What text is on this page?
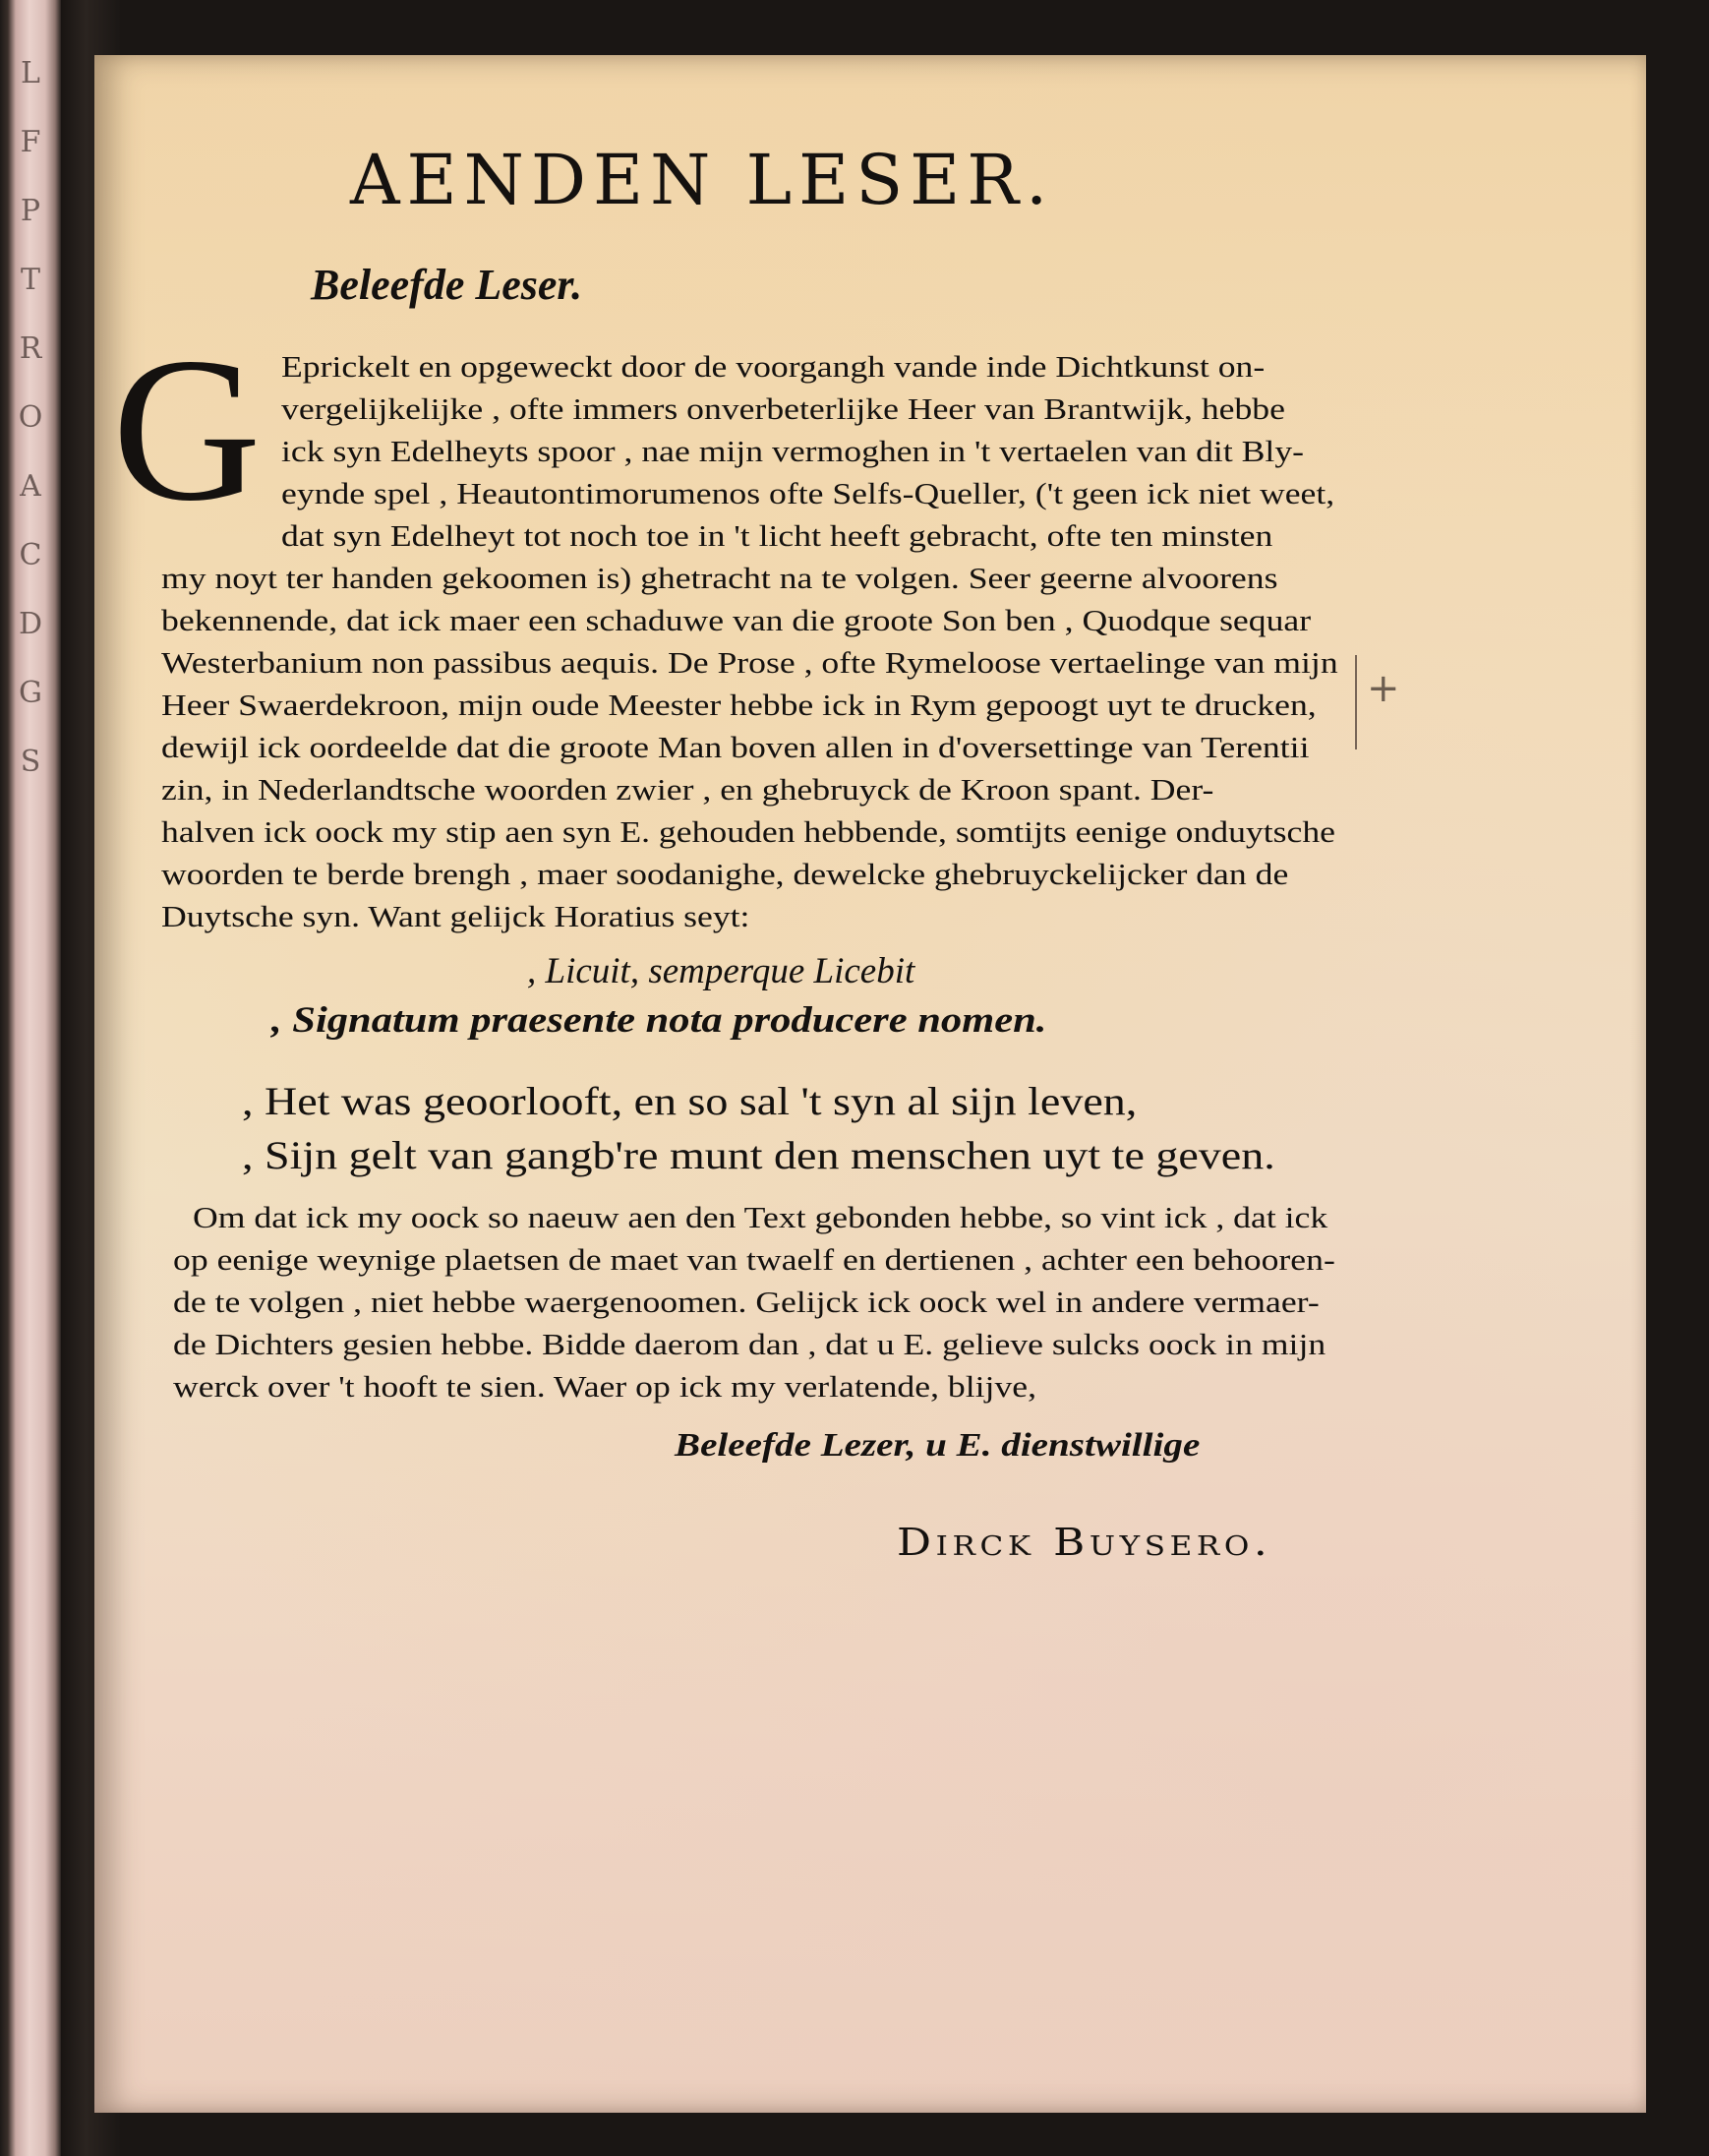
L F P T R O A C D G S
AENDEN LESER.

Beleefde Leser.

G Eprickelt en opgeweckt door de voorgangh vande inde Dichtkunst on-

vergelijkelijke , ofte immers onverbeterlijke Heer van Brantwijk, hebbe

ick syn Edelheyts spoor , nae mijn vermoghen in 't vertaelen van dit Bly-

eynde spel , Heautontimorumenos ofte Selfs-Queller, ('t geen ick niet weet,

dat syn Edelheyt tot noch toe in 't licht heeft gebracht, ofte ten minsten

my noyt ter handen gekoomen is) ghetracht na te volgen. Seer geerne alvoorens

bekennende, dat ick maer een schaduwe van die groote Son ben , Quodque sequar

Westerbanium non passibus aequis. De Prose , ofte Rymeloose vertaelinge van mijn

Heer Swaerdekroon, mijn oude Meester hebbe ick in Rym gepoogt uyt te drucken,

dewijl ick oordeelde dat die groote Man boven allen in d'oversettinge van Terentii

zin, in Nederlandtsche woorden zwier , en ghebruyck de Kroon spant. Der-

halven ick oock my stip aen syn E. gehouden hebbende, somtijts eenige onduytsche

woorden te berde brengh , maer soodanighe, dewelcke ghebruyckelijcker dan de

Duytsche syn. Want gelijck Horatius seyt:

, Licuit, semperque Licebit

, Signatum praesente nota producere nomen.

, Het was geoorlooft, en so sal 't syn al sijn leven,

, Sijn gelt van gangb're munt den menschen uyt te geven.

Om dat ick my oock so naeuw aen den Text gebonden hebbe, so vint ick , dat ick

op eenige weynige plaetsen de maet van twaelf en dertienen , achter een behooren-

de te volgen , niet hebbe waergenoomen. Gelijck ick oock wel in andere vermaer-

de Dichters gesien hebbe. Bidde daerom dan , dat u E. gelieve sulcks oock in mijn

werck over 't hooft te sien. Waer op ick my verlatende, blijve,

Beleefde Lezer, u E. dienstwillige

Dirck Buysero.

+
